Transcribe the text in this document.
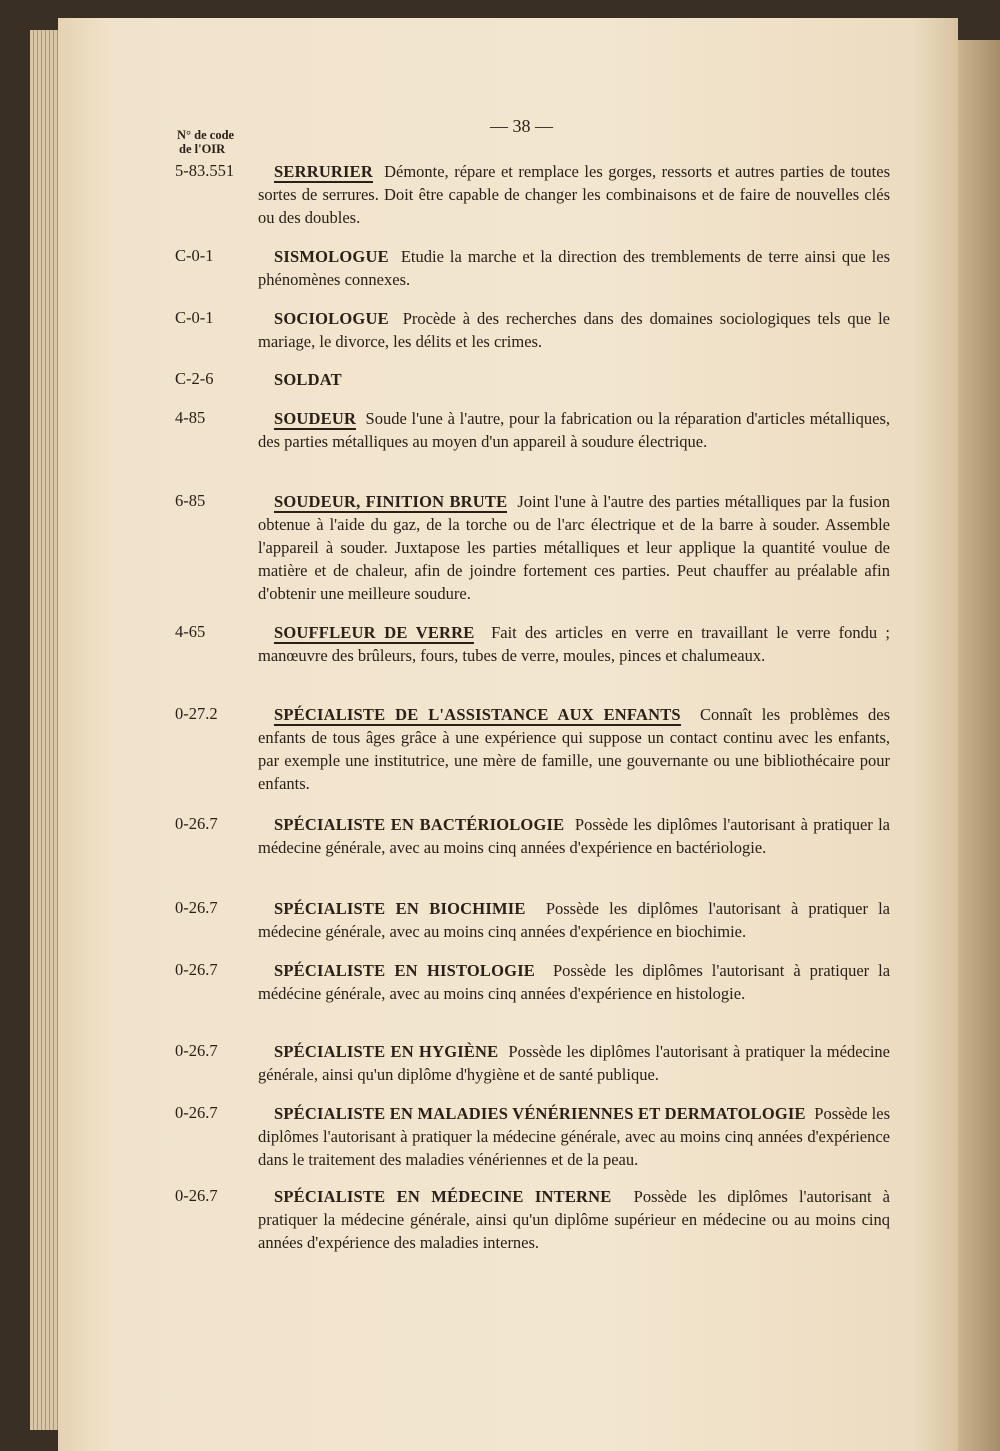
— 38 —
N° de code
de l'OIR
5-83.551	SERRURIER Démonte, répare et remplace les gorges, ressorts et autres parties de toutes sortes de serrures. Doit être capable de changer les combinaisons et de faire de nouvelles clés ou des doubles.
C-0-1	SISMOLOGUE Etudie la marche et la direction des tremblements de terre ainsi que les phénomènes connexes.
C-0-1	SOCIOLOGUE Procède à des recherches dans des domaines sociologiques tels que le mariage, le divorce, les délits et les crimes.
C-2-6	SOLDAT
4-85	SOUDEUR Soude l'une à l'autre, pour la fabrication ou la réparation d'articles métalliques, des parties métalliques au moyen d'un appareil à soudure électrique.
6-85	SOUDEUR, FINITION BRUTE Joint l'une à l'autre des parties métalliques par la fusion obtenue à l'aide du gaz, de la torche ou de l'arc électrique et de la barre à souder. Assemble l'appareil à souder. Juxtapose les parties métalliques et leur applique la quantité voulue de matière et de chaleur, afin de joindre fortement ces parties. Peut chauffer au préalable afin d'obtenir une meilleure soudure.
4-65	SOUFFLEUR DE VERRE Fait des articles en verre en travaillant le verre fondu ; manœuvre des brûleurs, fours, tubes de verre, moules, pinces et chalumeaux.
0-27.2	SPÉCIALISTE DE L'ASSISTANCE AUX ENFANTS Connaît les problèmes des enfants de tous âges grâce à une expérience qui suppose un contact continu avec les enfants, par exemple une institutrice, une mère de famille, une gouvernante ou une bibliothécaire pour enfants.
0-26.7	SPÉCIALISTE EN BACTÉRIOLOGIE Possède les diplômes l'autorisant à pratiquer la médecine générale, avec au moins cinq années d'expérience en bactériologie.
0-26.7	SPÉCIALISTE EN BIOCHIMIE Possède les diplômes l'autorisant à pratiquer la médecine générale, avec au moins cinq années d'expérience en biochimie.
0-26.7	SPÉCIALISTE EN HISTOLOGIE Possède les diplômes l'autorisant à pratiquer la médécine générale, avec au moins cinq années d'expérience en histologie.
0-26.7	SPÉCIALISTE EN HYGIÈNE Possède les diplômes l'autorisant à pratiquer la médecine générale, ainsi qu'un diplôme d'hygiène et de santé publique.
0-26.7	SPÉCIALISTE EN MALADIES VÉNÉRIENNES ET DERMATOLOGIE Possède les diplômes l'autorisant à pratiquer la médecine générale, avec au moins cinq années d'expérience dans le traitement des maladies vénériennes et de la peau.
0-26.7	SPÉCIALISTE EN MÉDECINE INTERNE Possède les diplômes l'autorisant à pratiquer la médecine générale, ainsi qu'un diplôme supérieur en médecine ou au moins cinq années d'expérience des maladies internes.
